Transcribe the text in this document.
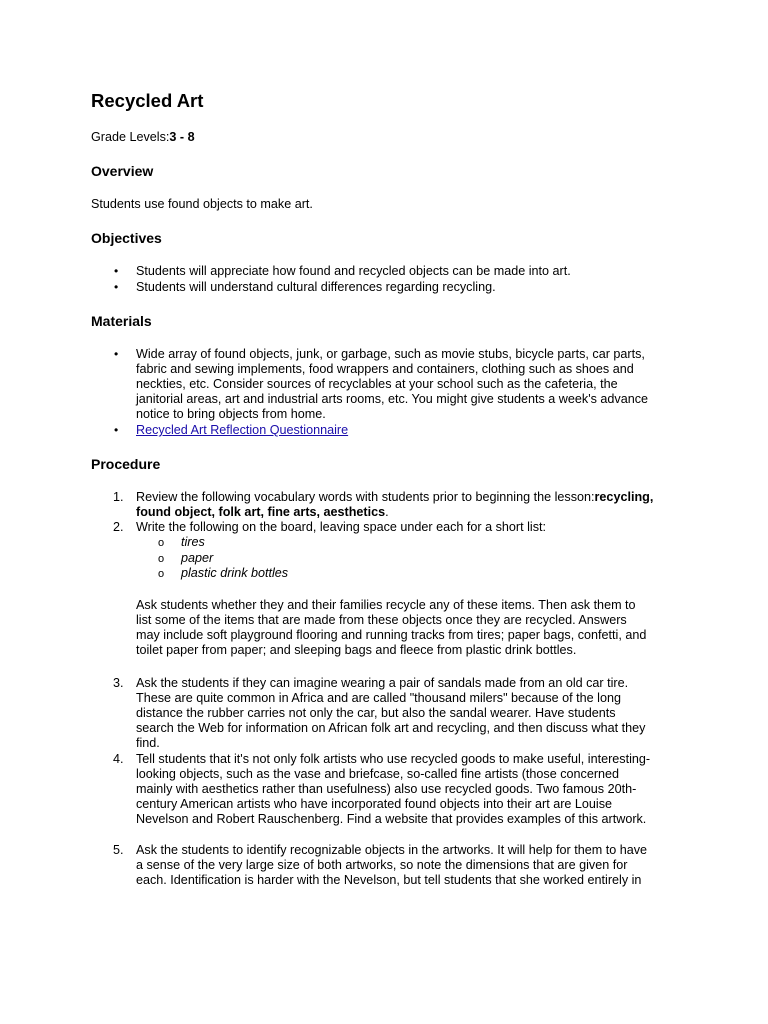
Recycled Art
Grade Levels:3 - 8
Overview
Students use found objects to make art.
Objectives
• Students will appreciate how found and recycled objects can be made into art.
• Students will understand cultural differences regarding recycling.
Materials
• Wide array of found objects, junk, or garbage, such as movie stubs, bicycle parts, car parts,
fabric and sewing implements, food wrappers and containers, clothing such as shoes and
neckties, etc. Consider sources of recyclables at your school such as the cafeteria, the
janitorial areas, art and industrial arts rooms, etc. You might give students a week's advance
notice to bring objects from home.
• Recycled Art Reflection Questionnaire
Procedure
1. Review the following vocabulary words with students prior to beginning the lesson:recycling,
found object, folk art, fine arts, aesthetics.
2. Write the following on the board, leaving space under each for a short list:
o tires
o paper
o plastic drink bottles
Ask students whether they and their families recycle any of these items. Then ask them to
list some of the items that are made from these objects once they are recycled. Answers
may include soft playground flooring and running tracks from tires; paper bags, confetti, and
toilet paper from paper; and sleeping bags and fleece from plastic drink bottles.
3. Ask the students if they can imagine wearing a pair of sandals made from an old car tire.
These are quite common in Africa and are called "thousand milers" because of the long
distance the rubber carries not only the car, but also the sandal wearer. Have students
search the Web for information on African folk art and recycling, and then discuss what they
find.
4. Tell students that it's not only folk artists who use recycled goods to make useful, interesting-
looking objects, such as the vase and briefcase, so-called fine artists (those concerned
mainly with aesthetics rather than usefulness) also use recycled goods. Two famous 20th-
century American artists who have incorporated found objects into their art are Louise
Nevelson and Robert Rauschenberg. Find a website that provides examples of this artwork.
5. Ask the students to identify recognizable objects in the artworks. It will help for them to have
a sense of the very large size of both artworks, so note the dimensions that are given for
each. Identification is harder with the Nevelson, but tell students that she worked entirely in
